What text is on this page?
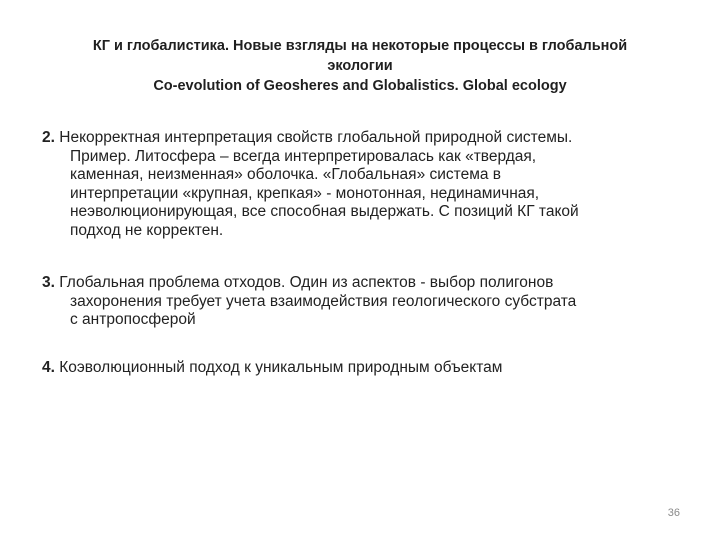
КГ и глобалистика. Новые взгляды на некоторые процессы в глобальной
экологии
Co-evolution of Geosheres and Globalistics. Global ecology
2. Некорректная интерпретация свойств глобальной природной системы.
Пример. Литосфера – всегда интерпретировалась как «твердая,
каменная, неизменная» оболочка. «Глобальная» система в
интерпретации «крупная, крепкая» - монотонная, нединамичная,
неэволюционирующая, все способная выдержать. С позиций КГ такой
подход не корректен.
3. Глобальная проблема отходов. Один из аспектов - выбор полигонов
захоронения требует учета взаимодействия геологического субстрата
с антропосферой
4. Коэволюционный подход к уникальным природным объектам
36
